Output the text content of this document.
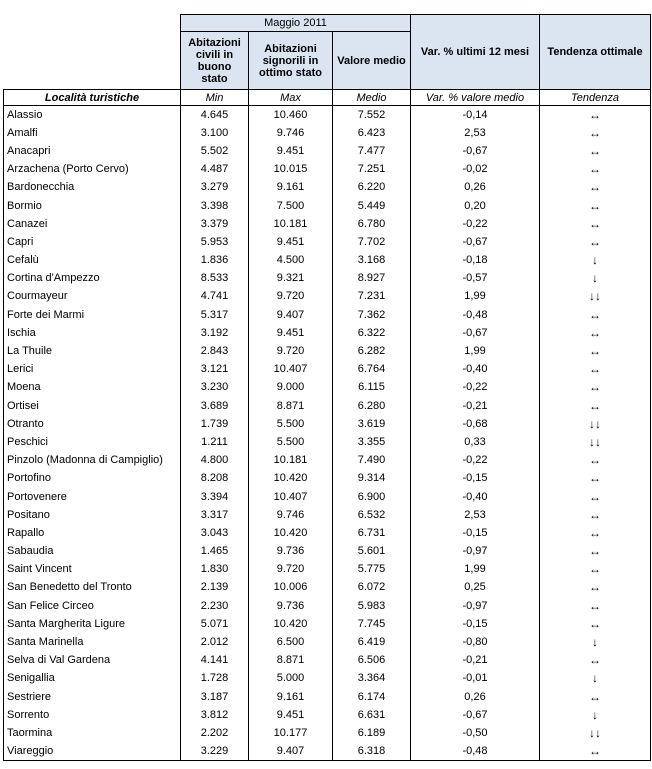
	Maggio 2011			Var. % ultimi 12 mesi	Tendenza ottimale
	Abitazioni civili in buono stato	Abitazioni signorili in ottimo stato	Valore medio		
Località turistiche	Min	Max	Medio	Var. % valore medio	Tendenza
Alassio	4.645	10.460	7.552	-0,14	↔
Amalfi	3.100	9.746	6.423	2,53	↔
Anacapri	5.502	9.451	7.477	-0,67	↔
Arzachena (Porto Cervo)	4.487	10.015	7.251	-0,02	↔
Bardonecchia	3.279	9.161	6.220	0,26	↔
Bormio	3.398	7.500	5.449	0,20	↔
Canazei	3.379	10.181	6.780	-0,22	↔
Capri	5.953	9.451	7.702	-0,67	↔
Cefalù	1.836	4.500	3.168	-0,18	↓
Cortina d'Ampezzo	8.533	9.321	8.927	-0,57	↓
Courmayeur	4.741	9.720	7.231	1,99	↓↓
Forte dei Marmi	5.317	9.407	7.362	-0,48	↔
Ischia	3.192	9.451	6.322	-0,67	↔
La Thuile	2.843	9.720	6.282	1,99	↔
Lerici	3.121	10.407	6.764	-0,40	↔
Moena	3.230	9.000	6.115	-0,22	↔
Ortisei	3.689	8.871	6.280	-0,21	↔
Otranto	1.739	5.500	3.619	-0,68	↓↓
Peschici	1.211	5.500	3.355	0,33	↓↓
Pinzolo (Madonna di Campiglio)	4.800	10.181	7.490	-0,22	↔
Portofino	8.208	10.420	9.314	-0,15	↔
Portovenere	3.394	10.407	6.900	-0,40	↔
Positano	3.317	9.746	6.532	2,53	↔
Rapallo	3.043	10.420	6.731	-0,15	↔
Sabaudia	1.465	9.736	5.601	-0,97	↔
Saint Vincent	1.830	9.720	5.775	1,99	↔
San Benedetto del Tronto	2.139	10.006	6.072	0,25	↔
San Felice Circeo	2.230	9.736	5.983	-0,97	↔
Santa Margherita Ligure	5.071	10.420	7.745	-0,15	↔
Santa Marinella	2.012	6.500	6.419	-0,80	↓
Selva di Val Gardena	4.141	8.871	6.506	-0,21	↔
Senigallia	1.728	5.000	3.364	-0,01	↓
Sestriere	3.187	9.161	6.174	0,26	↔
Sorrento	3.812	9.451	6.631	-0,67	↓
Taormina	2.202	10.177	6.189	-0,50	↓↓
Viareggio	3.229	9.407	6.318	-0,48	↔
